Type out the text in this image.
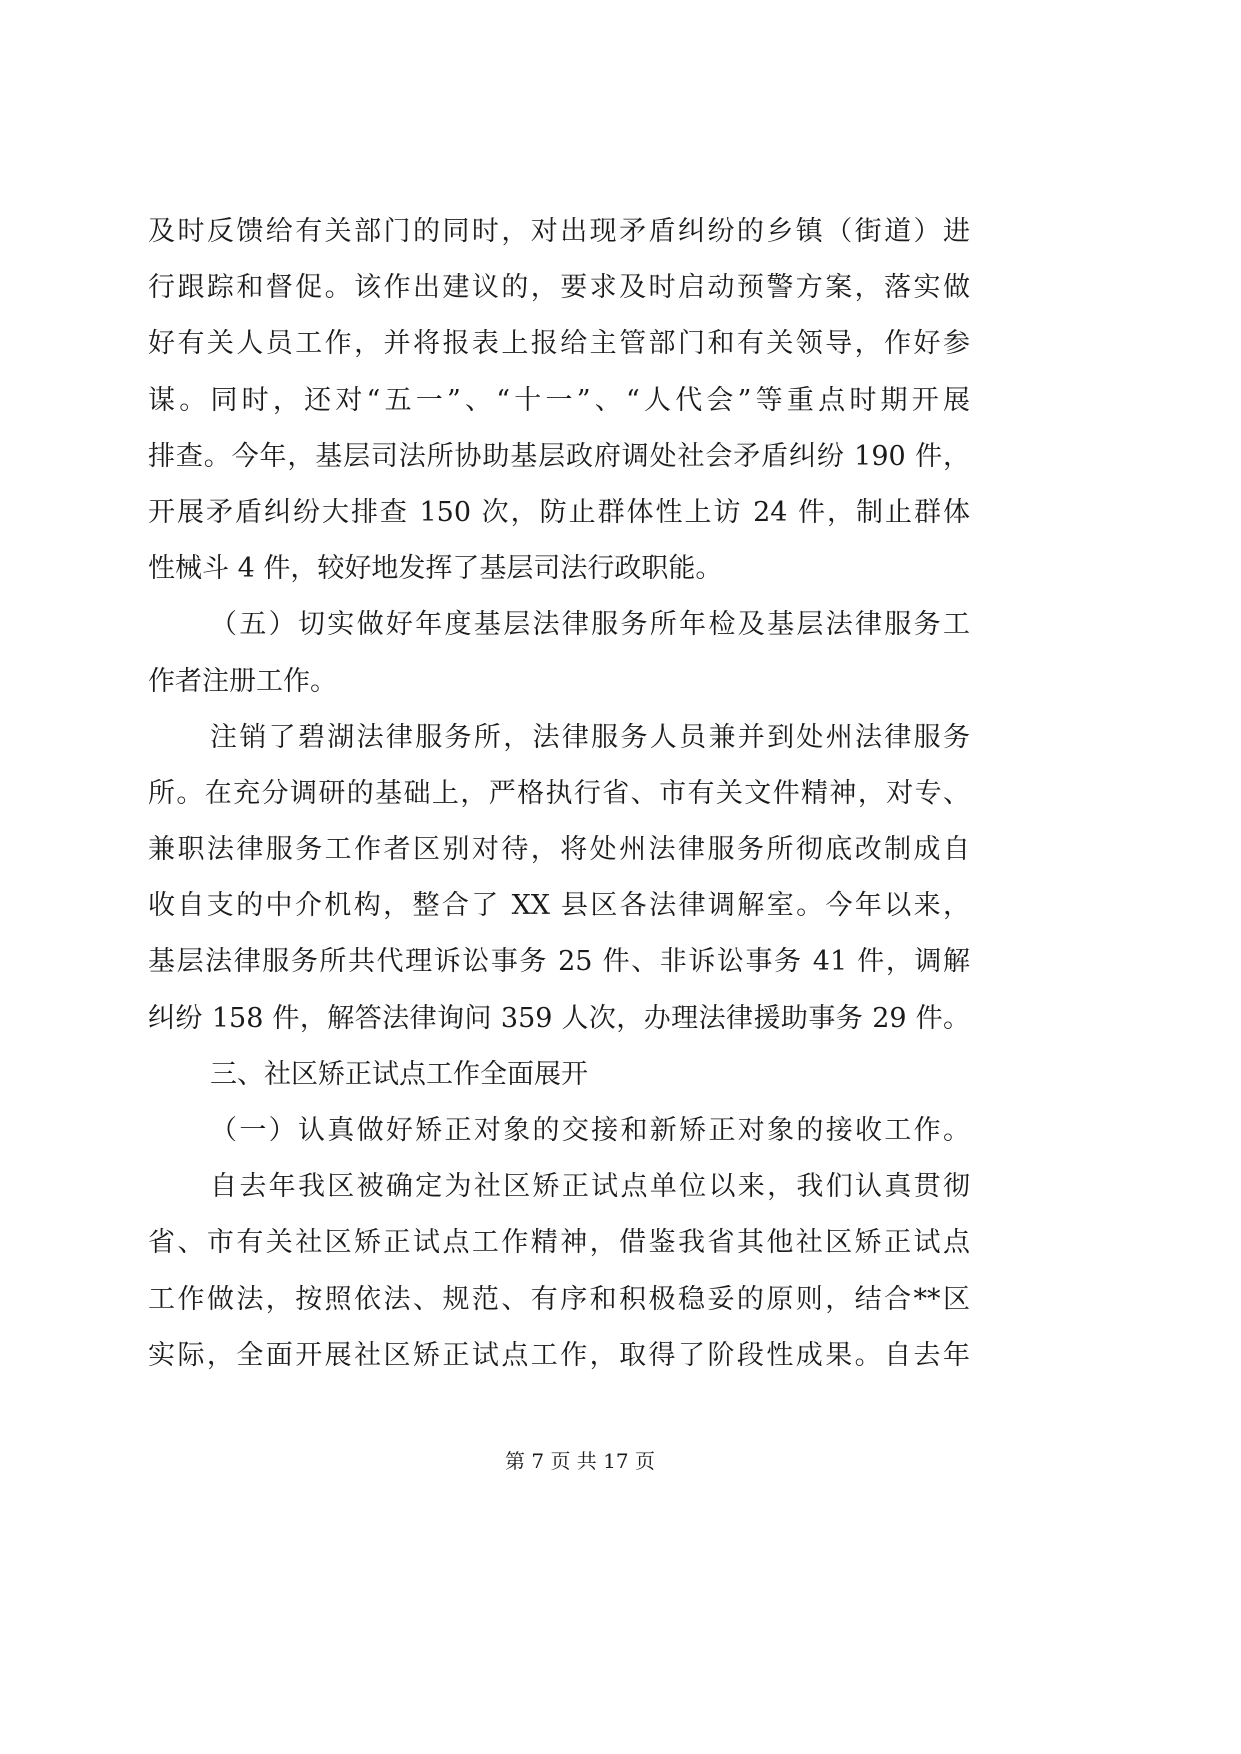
及时反馈给有关部门的同时，对出现矛盾纠纷的乡镇（街道）进
行跟踪和督促。该作出建议的，要求及时启动预警方案，落实做
好有关人员工作，并将报表上报给主管部门和有关领导，作好参
谋。同时，还对“五一”、“十一”、“人代会”等重点时期开展
排查。今年，基层司法所协助基层政府调处社会矛盾纠纷 190 件，
开展矛盾纠纷大排查 150 次，防止群体性上访 24 件，制止群体
性械斗 4 件，较好地发挥了基层司法行政职能。
（五）切实做好年度基层法律服务所年检及基层法律服务工
作者注册工作。
注销了碧湖法律服务所，法律服务人员兼并到处州法律服务
所。在充分调研的基础上，严格执行省、市有关文件精神，对专、
兼职法律服务工作者区别对待，将处州法律服务所彻底改制成自
收自支的中介机构，整合了 XX 县区各法律调解室。今年以来，
基层法律服务所共代理诉讼事务 25 件、非诉讼事务 41 件，调解
纠纷 158 件，解答法律询问 359 人次，办理法律援助事务 29 件。
三、社区矫正试点工作全面展开
（一）认真做好矫正对象的交接和新矫正对象的接收工作。
自去年我区被确定为社区矫正试点单位以来，我们认真贯彻
省、市有关社区矫正试点工作精神，借鉴我省其他社区矫正试点
工作做法，按照依法、规范、有序和积极稳妥的原则，结合**区
实际，全面开展社区矫正试点工作，取得了阶段性成果。自去年
第 7 页 共 17 页
